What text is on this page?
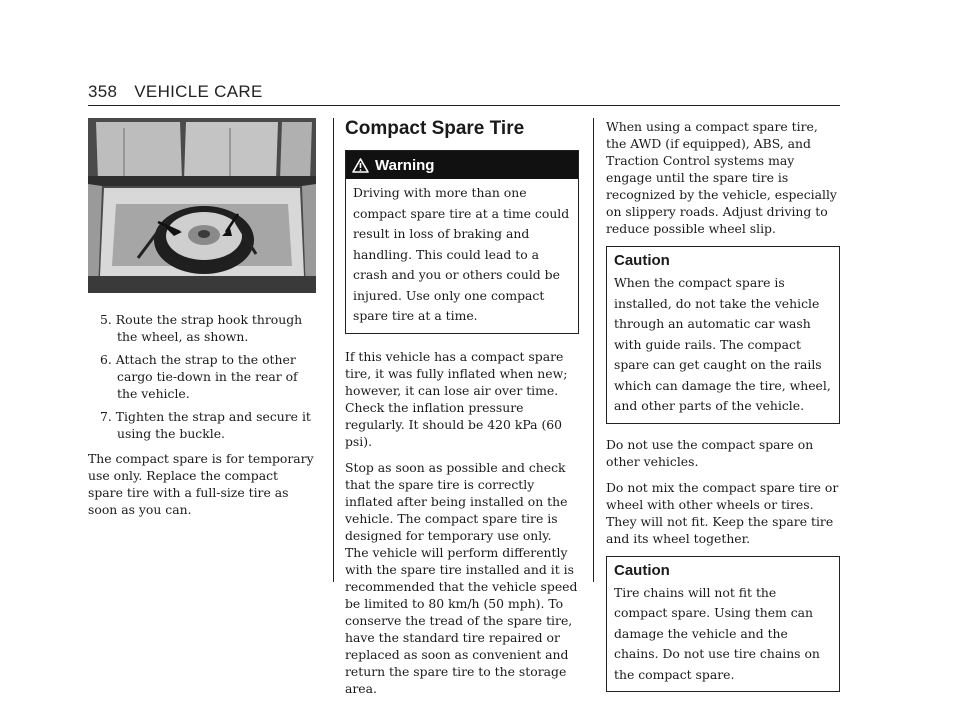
358 VEHICLE CARE
5. Route the strap hook through the wheel, as shown.
6. Attach the strap to the other cargo tie-down in the rear of the vehicle.
7. Tighten the strap and secure it using the buckle.

The compact spare is for temporary use only. Replace the compact spare tire with a full-size tire as soon as you can.

Compact Spare Tire
Warning
Driving with more than one compact spare tire at a time could result in loss of braking and handling. This could lead to a crash and you or others could be injured. Use only one compact spare tire at a time.

If this vehicle has a compact spare tire, it was fully inflated when new; however, it can lose air over time. Check the inflation pressure regularly. It should be 420 kPa (60 psi).

Stop as soon as possible and check that the spare tire is correctly inflated after being installed on the vehicle. The compact spare tire is designed for temporary use only. The vehicle will perform differently with the spare tire installed and it is recommended that the vehicle speed be limited to 80 km/h (50 mph). To conserve the tread of the spare tire, have the standard tire repaired or replaced as soon as convenient and return the spare tire to the storage area.

When using a compact spare tire, the AWD (if equipped), ABS, and Traction Control systems may engage until the spare tire is recognized by the vehicle, especially on slippery roads. Adjust driving to reduce possible wheel slip.

Caution
When the compact spare is installed, do not take the vehicle through an automatic car wash with guide rails. The compact spare can get caught on the rails which can damage the tire, wheel, and other parts of the vehicle.

Do not use the compact spare on other vehicles.

Do not mix the compact spare tire or wheel with other wheels or tires. They will not fit. Keep the spare tire and its wheel together.

Caution
Tire chains will not fit the compact spare. Using them can damage the vehicle and the chains. Do not use tire chains on the compact spare.
